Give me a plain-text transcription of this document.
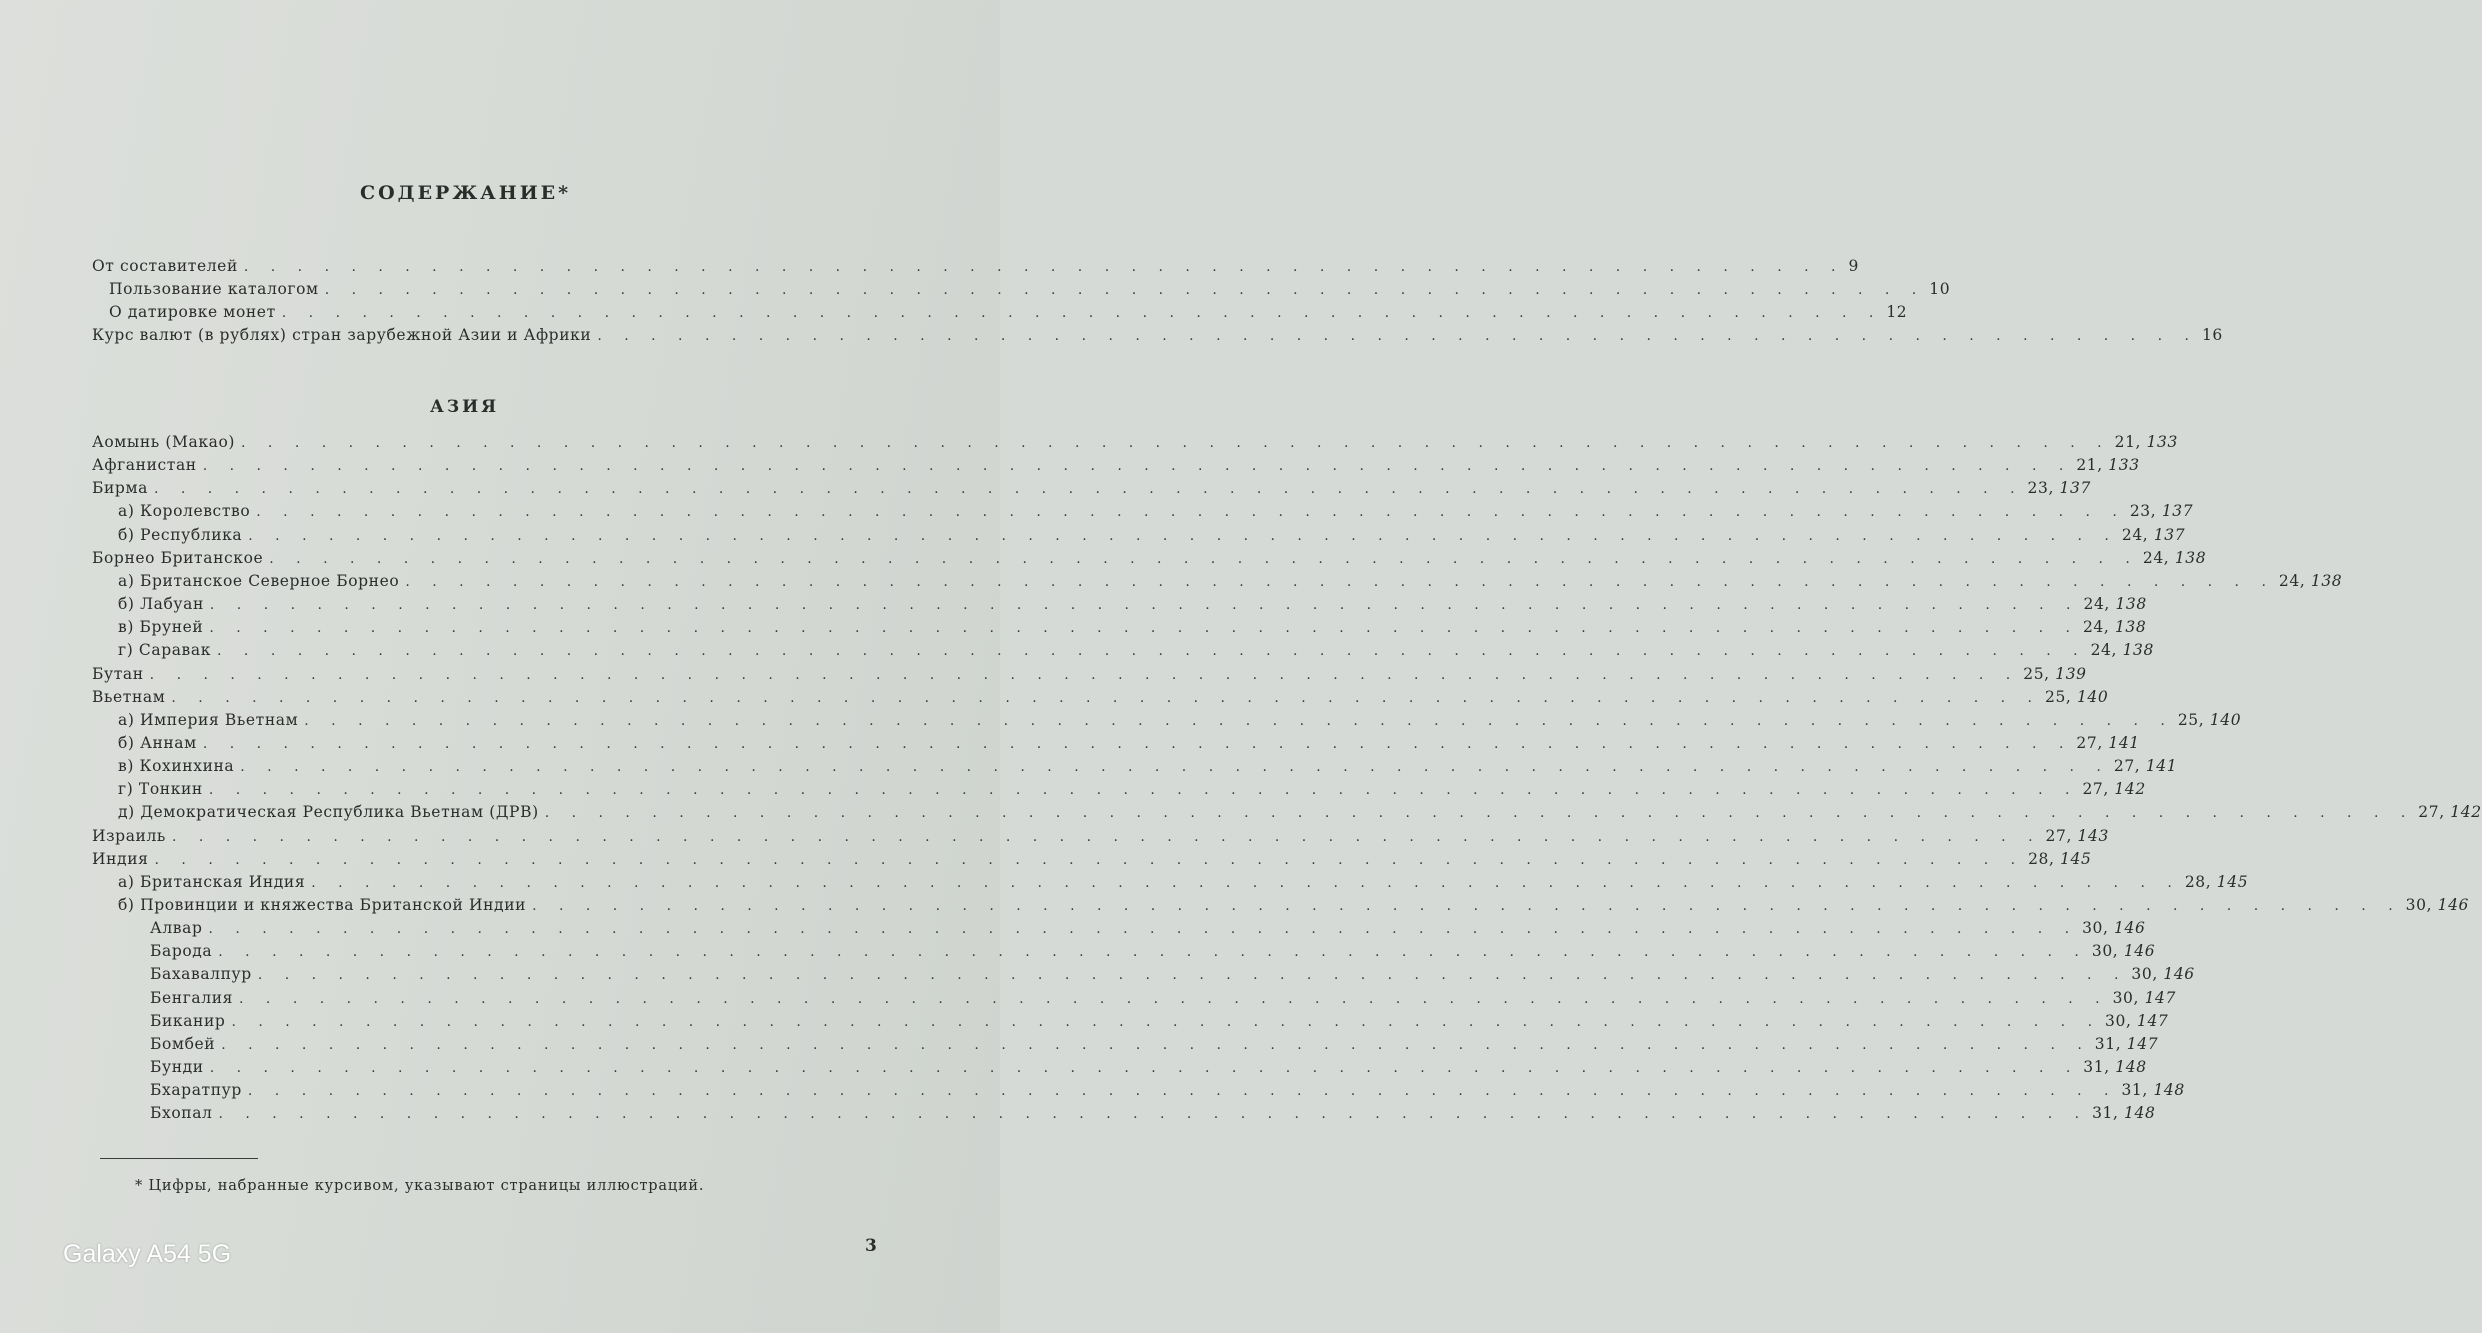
СОДЕРЖАНИЕ*
От составителей . . . . . . . . . . . . . . . . . . . . . . . . . . . . . . . . . . . . . . . . . . . . . . . . . . . . . . . . . . . . 9
Пользование каталогом . . . . . . . . . . . . . . . . . . . . . . . . . . . . . . . . . . . . . . . . . . . . . . . . . . . . . . . . . . . . 10
О датировке монет . . . . . . . . . . . . . . . . . . . . . . . . . . . . . . . . . . . . . . . . . . . . . . . . . . . . . . . . . . . . 12
Курс валют (в рублях) стран зарубежной Азии и Африки . . . . . . . . . . . . . . . . . . . . . . . . . . . . . . . . . . . . . . . . . . . . . . . . . . . . . . . . . . . . 16
АЗИЯ
Аомынь (Макао) . . . . . . . . . . . . . . . . . . . . . . . . . . . . . . . . . . . . . . . . . . . . . . . . . . . . . . . . . . . . . . . . . . . . . . 21, 133
Афганистан . . . . . . . . . . . . . . . . . . . . . . . . . . . . . . . . . . . . . . . . . . . . . . . . . . . . . . . . . . . . . . . . . . . . . . 21, 133
Бирма . . . . . . . . . . . . . . . . . . . . . . . . . . . . . . . . . . . . . . . . . . . . . . . . . . . . . . . . . . . . . . . . . . . . . . 23, 137
а) Королевство . . . . . . . . . . . . . . . . . . . . . . . . . . . . . . . . . . . . . . . . . . . . . . . . . . . . . . . . . . . . . . . . . . . . . . 23, 137
б) Республика . . . . . . . . . . . . . . . . . . . . . . . . . . . . . . . . . . . . . . . . . . . . . . . . . . . . . . . . . . . . . . . . . . . . . . 24, 137
Борнео Британское . . . . . . . . . . . . . . . . . . . . . . . . . . . . . . . . . . . . . . . . . . . . . . . . . . . . . . . . . . . . . . . . . . . . . . 24, 138
а) Британское Северное Борнео . . . . . . . . . . . . . . . . . . . . . . . . . . . . . . . . . . . . . . . . . . . . . . . . . . . . . . . . . . . . . . . . . . . . . . 24, 138
б) Лабуан . . . . . . . . . . . . . . . . . . . . . . . . . . . . . . . . . . . . . . . . . . . . . . . . . . . . . . . . . . . . . . . . . . . . . . 24, 138
в) Бруней . . . . . . . . . . . . . . . . . . . . . . . . . . . . . . . . . . . . . . . . . . . . . . . . . . . . . . . . . . . . . . . . . . . . . . 24, 138
г) Саравак . . . . . . . . . . . . . . . . . . . . . . . . . . . . . . . . . . . . . . . . . . . . . . . . . . . . . . . . . . . . . . . . . . . . . . 24, 138
Бутан . . . . . . . . . . . . . . . . . . . . . . . . . . . . . . . . . . . . . . . . . . . . . . . . . . . . . . . . . . . . . . . . . . . . . . 25, 139
Вьетнам . . . . . . . . . . . . . . . . . . . . . . . . . . . . . . . . . . . . . . . . . . . . . . . . . . . . . . . . . . . . . . . . . . . . . . 25, 140
а) Империя Вьетнам . . . . . . . . . . . . . . . . . . . . . . . . . . . . . . . . . . . . . . . . . . . . . . . . . . . . . . . . . . . . . . . . . . . . . . 25, 140
б) Аннам . . . . . . . . . . . . . . . . . . . . . . . . . . . . . . . . . . . . . . . . . . . . . . . . . . . . . . . . . . . . . . . . . . . . . . 27, 141
в) Кохинхина . . . . . . . . . . . . . . . . . . . . . . . . . . . . . . . . . . . . . . . . . . . . . . . . . . . . . . . . . . . . . . . . . . . . . . 27, 141
г) Тонкин . . . . . . . . . . . . . . . . . . . . . . . . . . . . . . . . . . . . . . . . . . . . . . . . . . . . . . . . . . . . . . . . . . . . . . 27, 142
д) Демократическая Республика Вьетнам (ДРВ) . . . . . . . . . . . . . . . . . . . . . . . . . . . . . . . . . . . . . . . . . . . . . . . . . . . . . . . . . . . . . . . . . . . . . . 27, 142
Израиль . . . . . . . . . . . . . . . . . . . . . . . . . . . . . . . . . . . . . . . . . . . . . . . . . . . . . . . . . . . . . . . . . . . . . . 27, 143
Индия . . . . . . . . . . . . . . . . . . . . . . . . . . . . . . . . . . . . . . . . . . . . . . . . . . . . . . . . . . . . . . . . . . . . . . 28, 145
а) Британская Индия . . . . . . . . . . . . . . . . . . . . . . . . . . . . . . . . . . . . . . . . . . . . . . . . . . . . . . . . . . . . . . . . . . . . . . 28, 145
б) Провинции и княжества Британской Индии . . . . . . . . . . . . . . . . . . . . . . . . . . . . . . . . . . . . . . . . . . . . . . . . . . . . . . . . . . . . . . . . . . . . . . 30, 146
Алвар . . . . . . . . . . . . . . . . . . . . . . . . . . . . . . . . . . . . . . . . . . . . . . . . . . . . . . . . . . . . . . . . . . . . . . 30, 146
Барода . . . . . . . . . . . . . . . . . . . . . . . . . . . . . . . . . . . . . . . . . . . . . . . . . . . . . . . . . . . . . . . . . . . . . . 30, 146
Бахавалпур . . . . . . . . . . . . . . . . . . . . . . . . . . . . . . . . . . . . . . . . . . . . . . . . . . . . . . . . . . . . . . . . . . . . . . 30, 146
Бенгалия . . . . . . . . . . . . . . . . . . . . . . . . . . . . . . . . . . . . . . . . . . . . . . . . . . . . . . . . . . . . . . . . . . . . . . 30, 147
Биканир . . . . . . . . . . . . . . . . . . . . . . . . . . . . . . . . . . . . . . . . . . . . . . . . . . . . . . . . . . . . . . . . . . . . . . 30, 147
Бомбей . . . . . . . . . . . . . . . . . . . . . . . . . . . . . . . . . . . . . . . . . . . . . . . . . . . . . . . . . . . . . . . . . . . . . . 31, 147
Бунди . . . . . . . . . . . . . . . . . . . . . . . . . . . . . . . . . . . . . . . . . . . . . . . . . . . . . . . . . . . . . . . . . . . . . . 31, 148
Бхаратпур . . . . . . . . . . . . . . . . . . . . . . . . . . . . . . . . . . . . . . . . . . . . . . . . . . . . . . . . . . . . . . . . . . . . . . 31, 148
Бхопал . . . . . . . . . . . . . . . . . . . . . . . . . . . . . . . . . . . . . . . . . . . . . . . . . . . . . . . . . . . . . . . . . . . . . . 31, 148
* Цифры, набранные курсивом, указывают страницы иллюстраций.
3
Galaxy A54 5G
